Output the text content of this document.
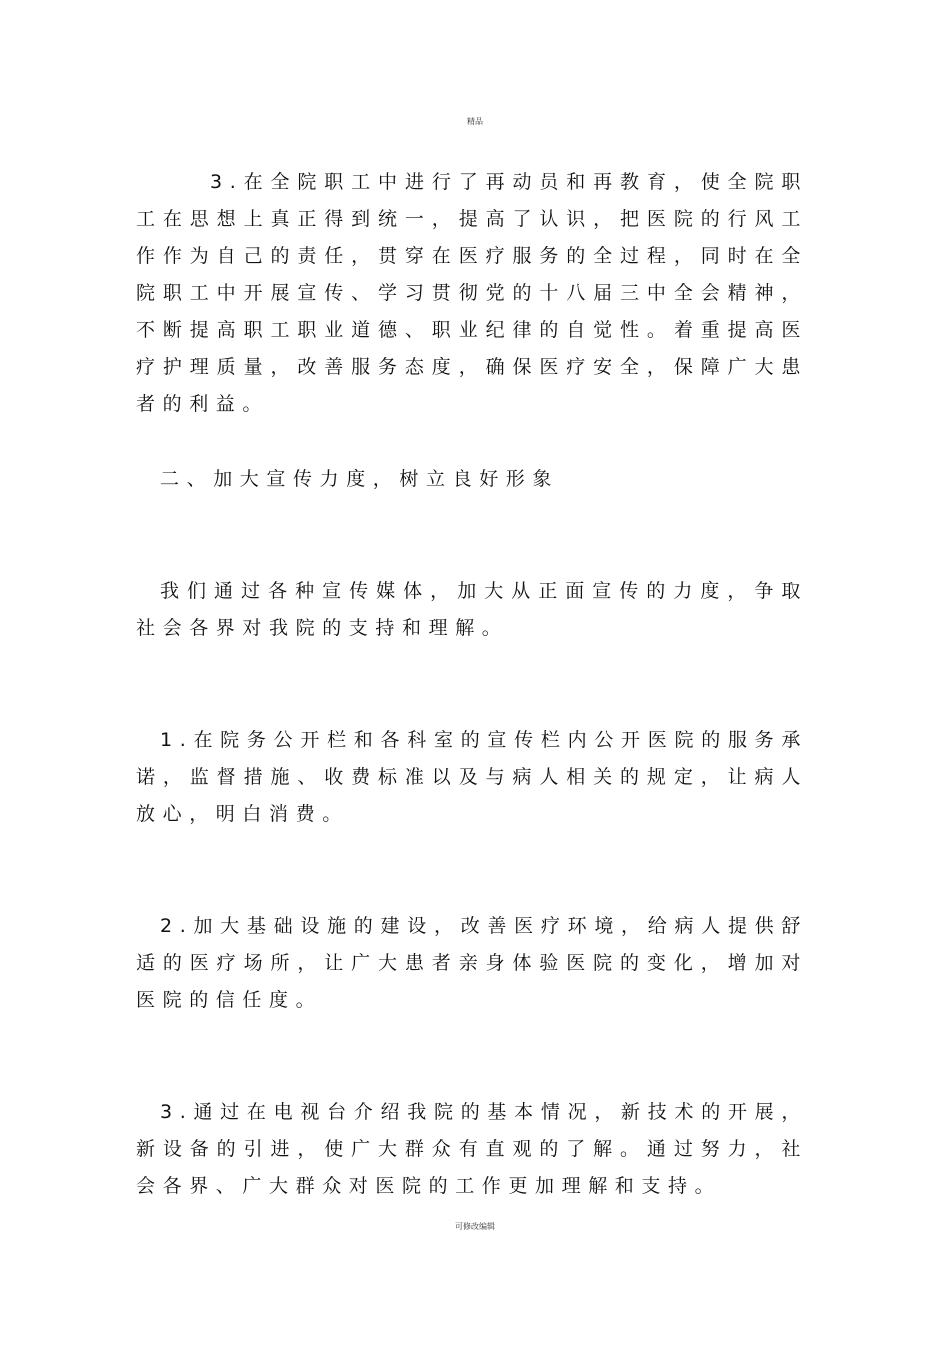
精品

3.在全院职工中进行了再动员和再教育，使全院职工在思想上真正得到统一，提高了认识，把医院的行风工作作为自己的责任，贯穿在医疗服务的全过程，同时在全院职工中开展宣传、学习贯彻党的十八届三中全会精神，不断提高职工职业道德、职业纪律的自觉性。着重提高医疗护理质量，改善服务态度，确保医疗安全，保障广大患者的利益。

二、加大宣传力度，树立良好形象

我们通过各种宣传媒体，加大从正面宣传的力度，争取社会各界对我院的支持和理解。

1.在院务公开栏和各科室的宣传栏内公开医院的服务承诺，监督措施、收费标准以及与病人相关的规定，让病人放心，明白消费。

2.加大基础设施的建设，改善医疗环境，给病人提供舒适的医疗场所，让广大患者亲身体验医院的变化，增加对医院的信任度。

3.通过在电视台介绍我院的基本情况，新技术的开展，新设备的引进，使广大群众有直观的了解。通过努力，社会各界、广大群众对医院的工作更加理解和支持。

可修改编辑
